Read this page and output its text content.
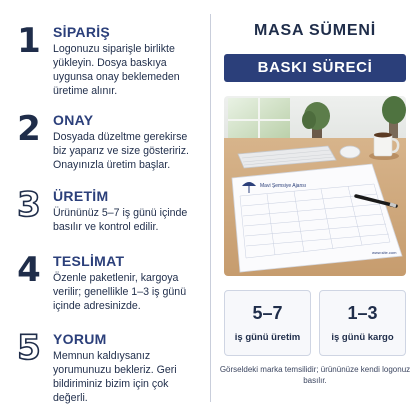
1 SİPARİŞ

Logonuzu siparişle birlikte yükleyin. Dosya baskıya uygunsa onay beklemeden üretime alınır.

2 ONAY

Dosyada düzeltme gerekirse biz yaparız ve size gösteririz. Onayınızla üretim başlar.

3 ÜRETİM

Ürününüz 5–7 iş günü içinde basılır ve kontrol edilir.

4 TESLİMAT

Özenle paketlenir, kargoya verilir; genellikle 1–3 iş günü içinde adresinizde.

5 YORUM

Memnun kaldıysanız yorumunuzu bekleriz. Geri bildiriminiz bizim için çok değerli.

MASA SÜMENİ
BASKI SÜRECİ
Mavi Şemsiye Ajansı
www.site.com
5–7
iş günü üretim
1–3
iş günü kargo

Görseldeki marka temsilidir; ürününüze kendi logonuz basılır.
